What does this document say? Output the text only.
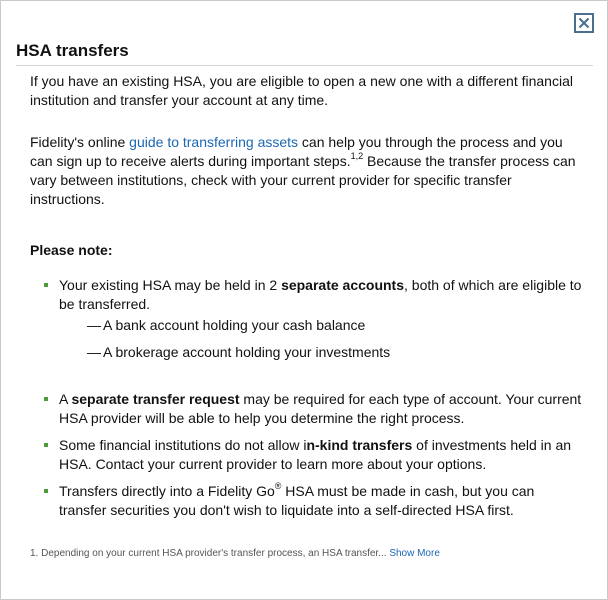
HSA transfers

If you have an existing HSA, you are eligible to open a new one with a different financial institution and transfer your account at any time.

Fidelity's online guide to transferring assets can help you through the process and you can sign up to receive alerts during important steps.$^{1,2}$ Because the transfer process can vary between institutions, check with your current provider for specific transfer instructions.

Please note:

Your existing HSA may be held in 2 separate accounts, both of which are eligible to be transferred.
— A bank account holding your cash balance
— A brokerage account holding your investments
A separate transfer request may be required for each type of account. Your current HSA provider will be able to help you determine the right process.
Some financial institutions do not allow in-kind transfers of investments held in an HSA. Contact your current provider to learn more about your options.
Transfers directly into a Fidelity Go® HSA must be made in cash, but you can transfer securities you don't wish to liquidate into a self-directed HSA first.
1. Depending on your current HSA provider's transfer process, an HSA transfer... Show More
